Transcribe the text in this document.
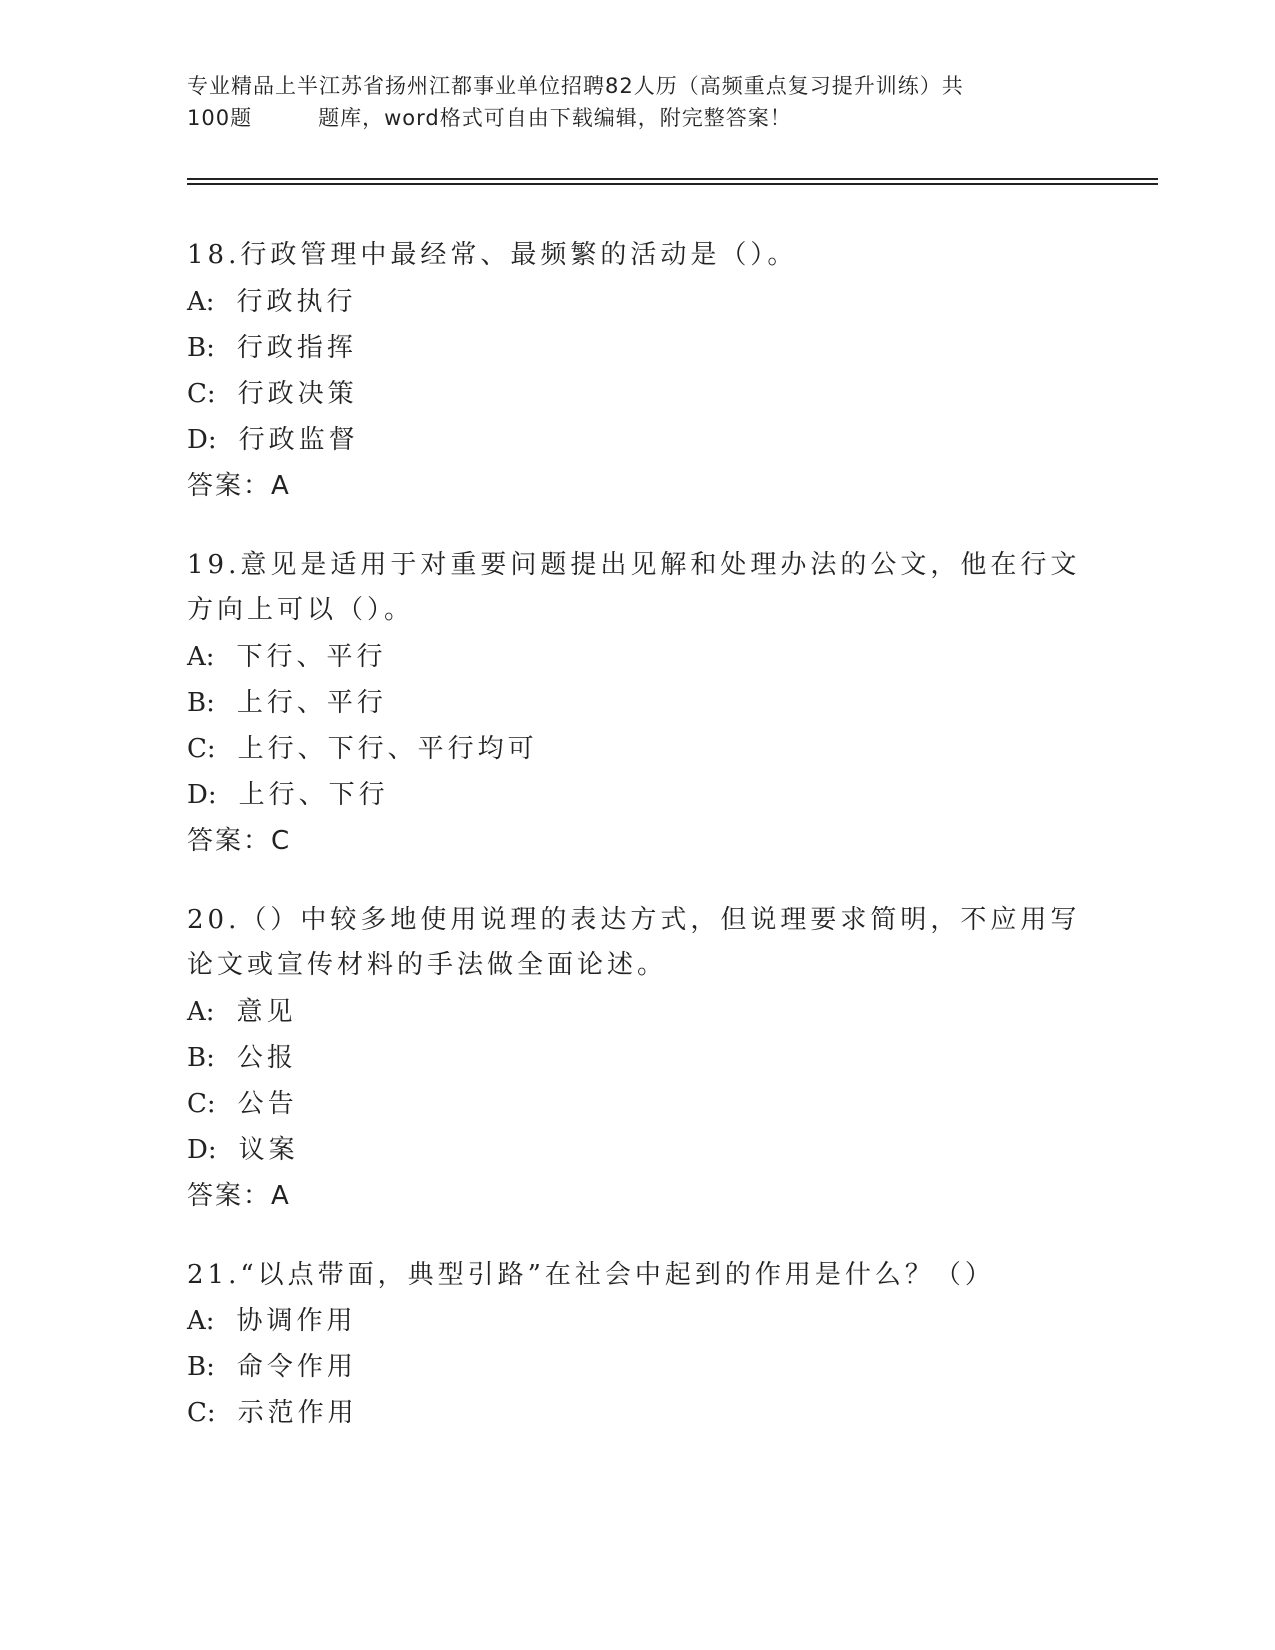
专业精品上半江苏省扬州江都事业单位招聘82人历（高频重点复习提升训练）共
100题	题库，word格式可自由下载编辑，附完整答案！
18.行政管理中最经常、最频繁的活动是（）。
A: 行政执行
B: 行政指挥
C: 行政决策
D: 行政监督
答案：A
19.意见是适用于对重要问题提出见解和处理办法的公文，他在行文方向上可以（）。
A: 下行、平行
B: 上行、平行
C: 上行、下行、平行均可
D: 上行、下行
答案：C
20.（）中较多地使用说理的表达方式，但说理要求简明，不应用写论文或宣传材料的手法做全面论述。
A: 意见
B: 公报
C: 公告
D: 议案
答案：A
21.“以点带面，典型引路”在社会中起到的作用是什么？（）
A: 协调作用
B: 命令作用
C: 示范作用
